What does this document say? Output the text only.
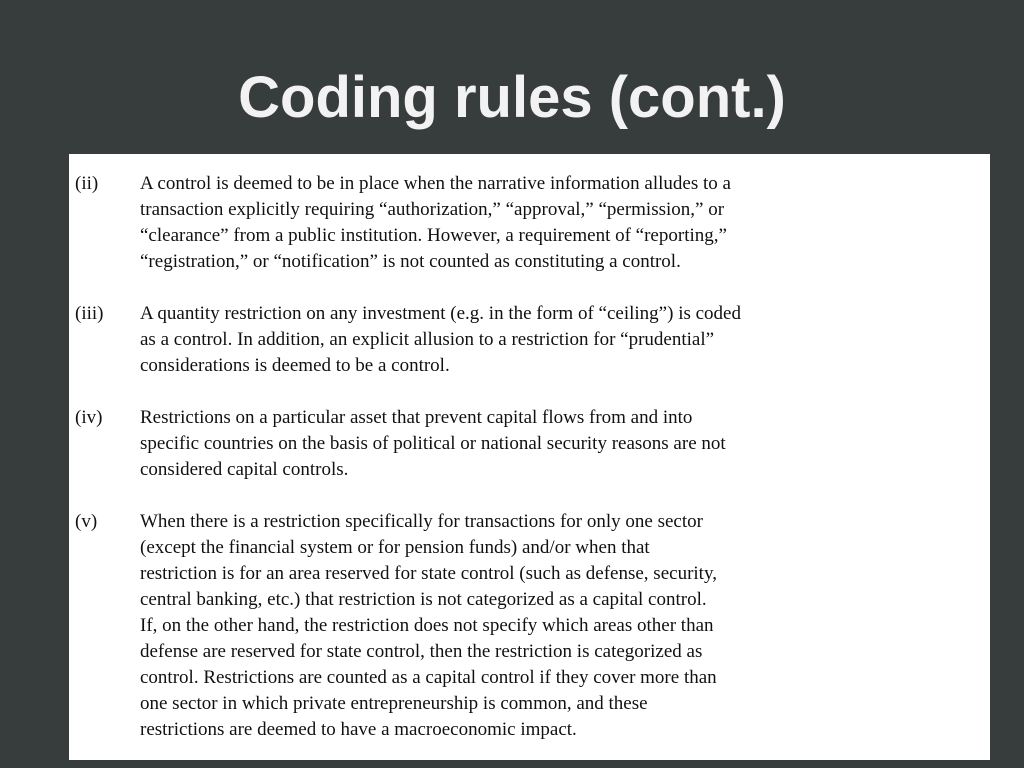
Coding rules (cont.)
(ii)	A control is deemed to be in place when the narrative information alludes to a

transaction explicitly requiring “authorization,” “approval,” “permission,” or

“clearance” from a public institution. However, a requirement of “reporting,”

“registration,” or “notification” is not counted as constituting a control.

(iii)	A quantity restriction on any investment (e.g. in the form of “ceiling”) is coded

as a control. In addition, an explicit allusion to a restriction for “prudential”

considerations is deemed to be a control.

(iv)	Restrictions on a particular asset that prevent capital flows from and into

specific countries on the basis of political or national security reasons are not

considered capital controls.

(v)	When there is a restriction specifically for transactions for only one sector

(except the financial system or for pension funds) and/or when that

restriction is for an area reserved for state control (such as defense, security,

central banking, etc.) that restriction is not categorized as a capital control.

If, on the other hand, the restriction does not specify which areas other than

defense are reserved for state control, then the restriction is categorized as

control. Restrictions are counted as a capital control if they cover more than

one sector in which private entrepreneurship is common, and these

restrictions are deemed to have a macroeconomic impact.
